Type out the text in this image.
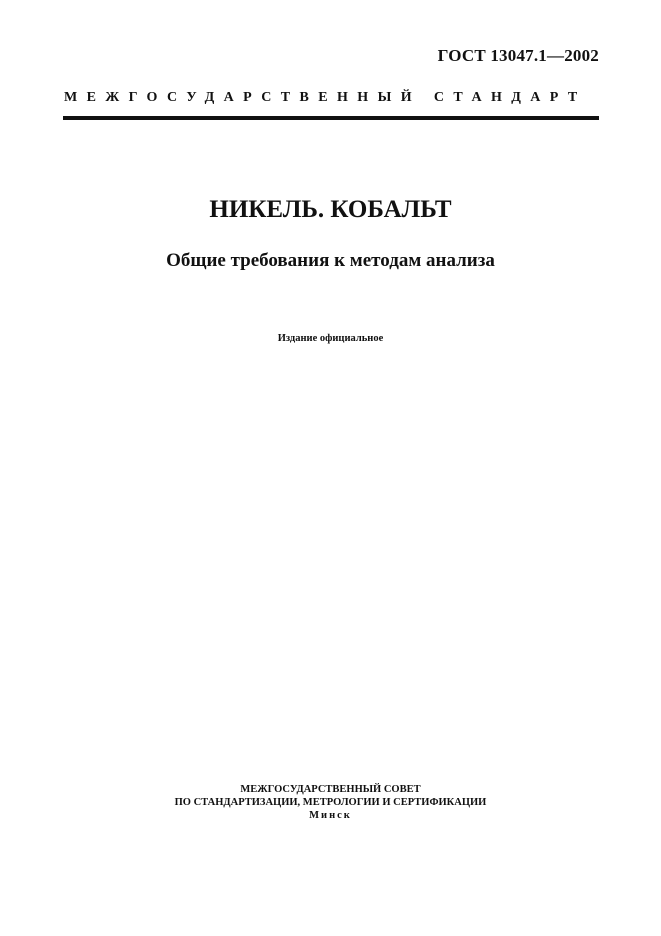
ГОСТ 13047.1—2002
МЕЖГОСУДАРСТВЕННЫЙ СТАНДАРТ
НИКЕЛЬ. КОБАЛЬТ
Общие требования к методам анализа
Издание официальное
МЕЖГОСУДАРСТВЕННЫЙ СОВЕТ
ПО СТАНДАРТИЗАЦИИ, МЕТРОЛОГИИ И СЕРТИФИКАЦИИ
Минск
